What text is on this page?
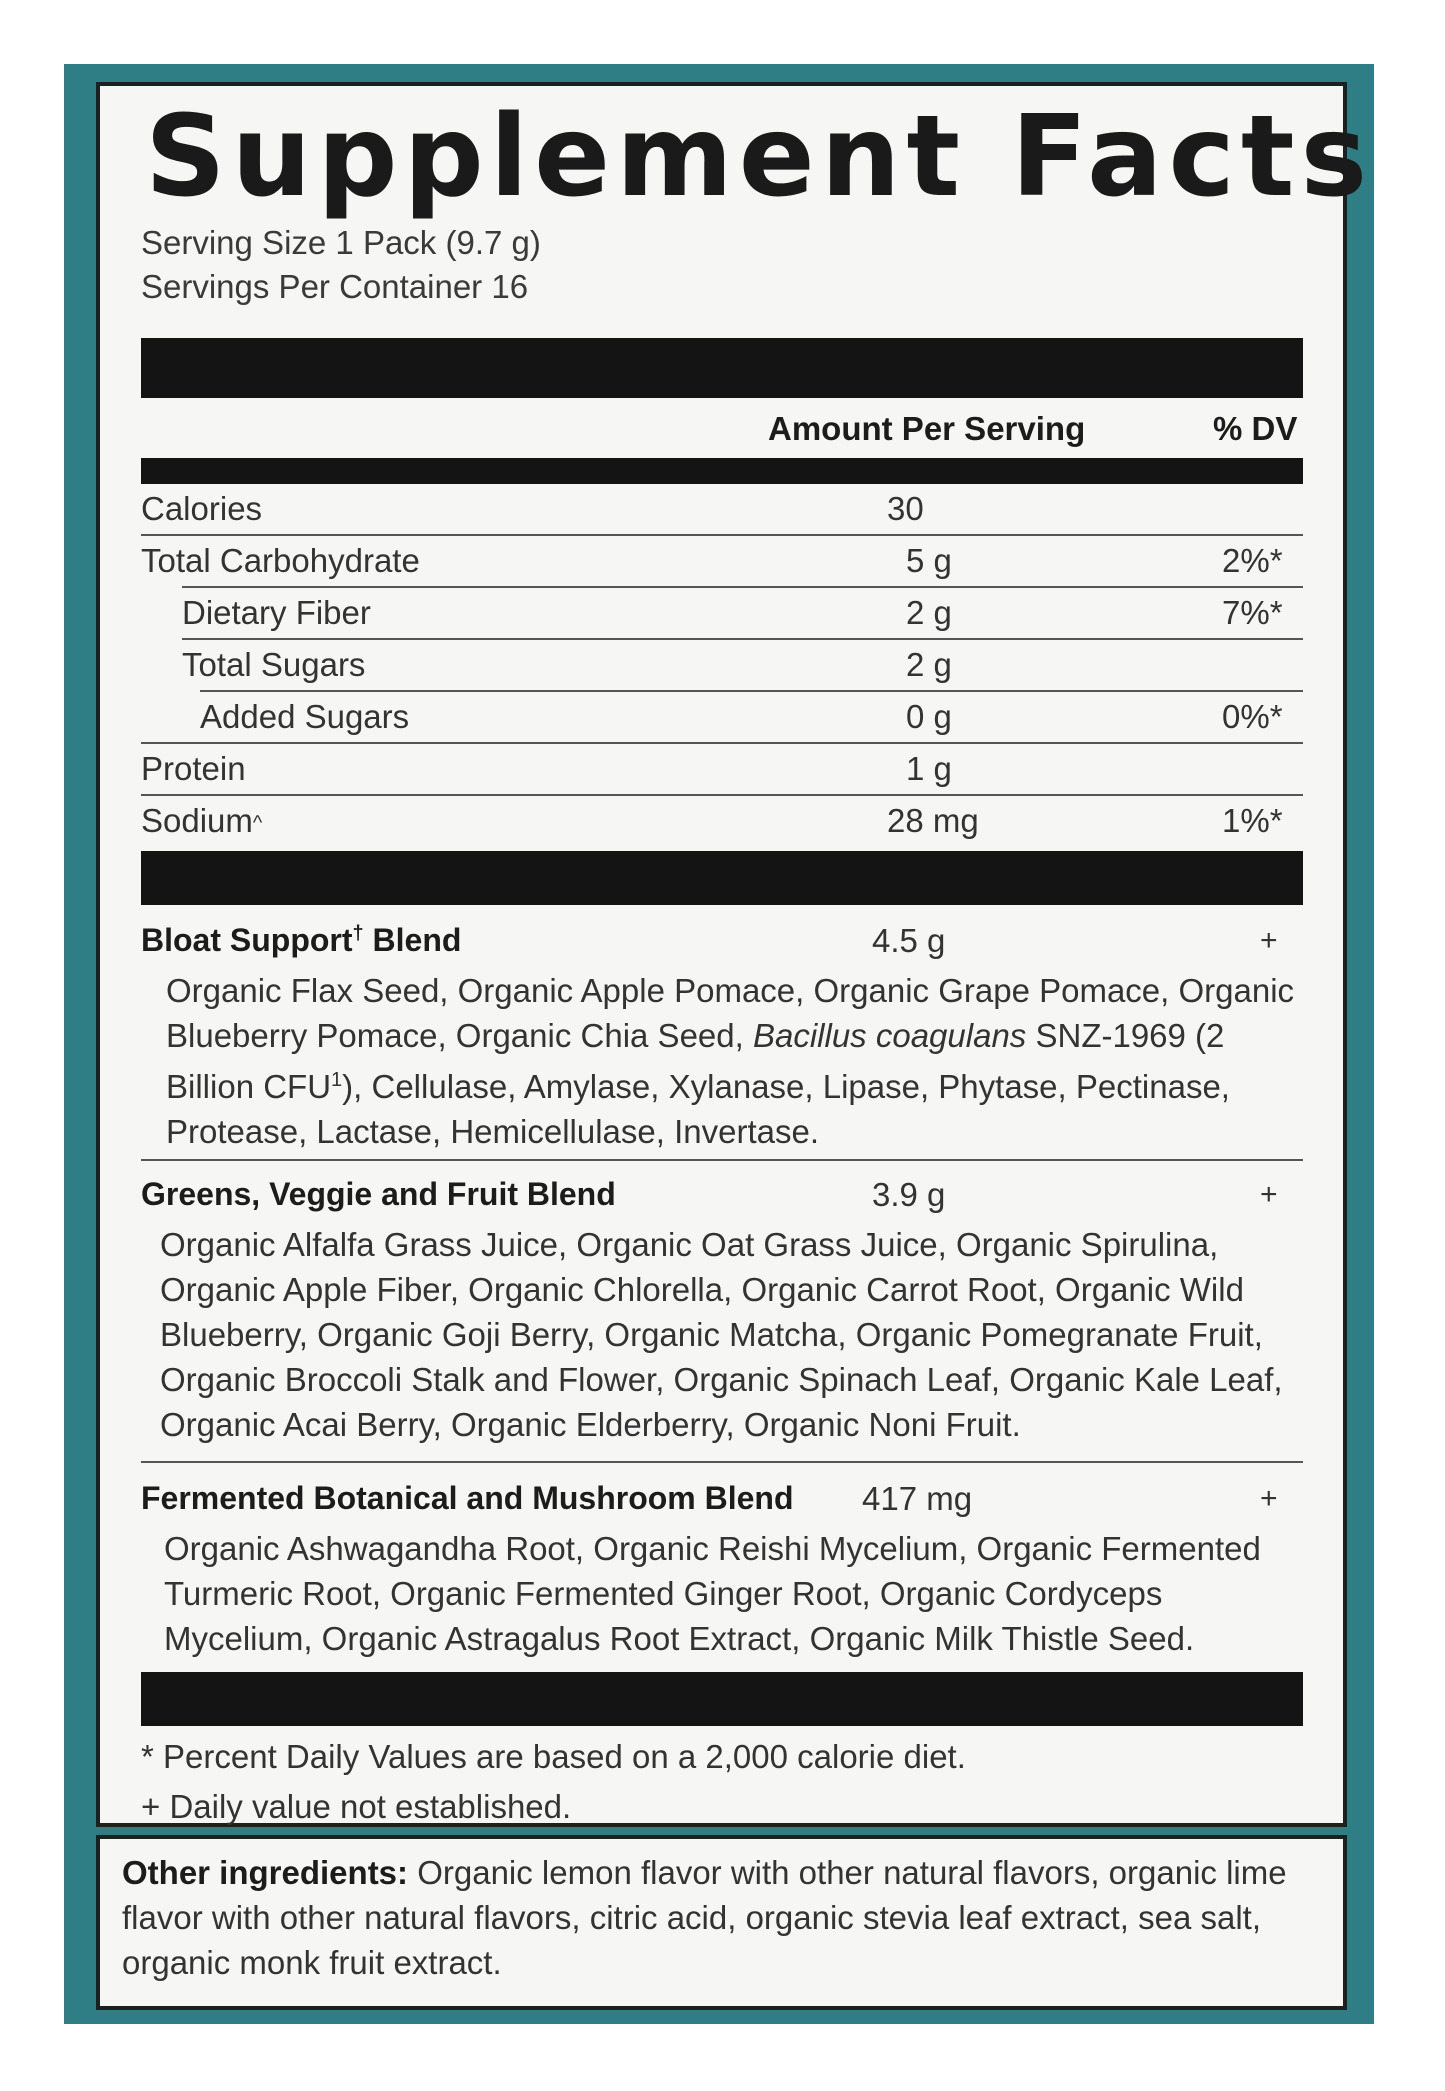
Supplement Facts
Serving Size 1 Pack (9.7 g)
Servings Per Container 16
Amount Per Serving	% DV
Calories	30
Total Carbohydrate	5 g	2%*
Dietary Fiber	2 g	7%*
Total Sugars	2 g
Added Sugars	0 g	0%*
Protein	1 g
Sodium^	28 mg	1%*
Bloat Support† Blend	4.5 g	+
Organic Flax Seed, Organic Apple Pomace, Organic Grape Pomace, Organic Blueberry Pomace, Organic Chia Seed, Bacillus coagulans SNZ-1969 (2 Billion CFU$^1$), Cellulase, Amylase, Xylanase, Lipase, Phytase, Pectinase, Protease, Lactase, Hemicellulase, Invertase.
Greens, Veggie and Fruit Blend	3.9 g	+
Organic Alfalfa Grass Juice, Organic Oat Grass Juice, Organic Spirulina, Organic Apple Fiber, Organic Chlorella, Organic Carrot Root, Organic Wild Blueberry, Organic Goji Berry, Organic Matcha, Organic Pomegranate Fruit, Organic Broccoli Stalk and Flower, Organic Spinach Leaf, Organic Kale Leaf, Organic Acai Berry, Organic Elderberry, Organic Noni Fruit.
Fermented Botanical and Mushroom Blend 417 mg	+
Organic Ashwagandha Root, Organic Reishi Mycelium, Organic Fermented Turmeric Root, Organic Fermented Ginger Root, Organic Cordyceps Mycelium, Organic Astragalus Root Extract, Organic Milk Thistle Seed.
* Percent Daily Values are based on a 2,000 calorie diet.
+ Daily value not established.
Other ingredients: Organic lemon flavor with other natural flavors, organic lime flavor with other natural flavors, citric acid, organic stevia leaf extract, sea salt, organic monk fruit extract.
